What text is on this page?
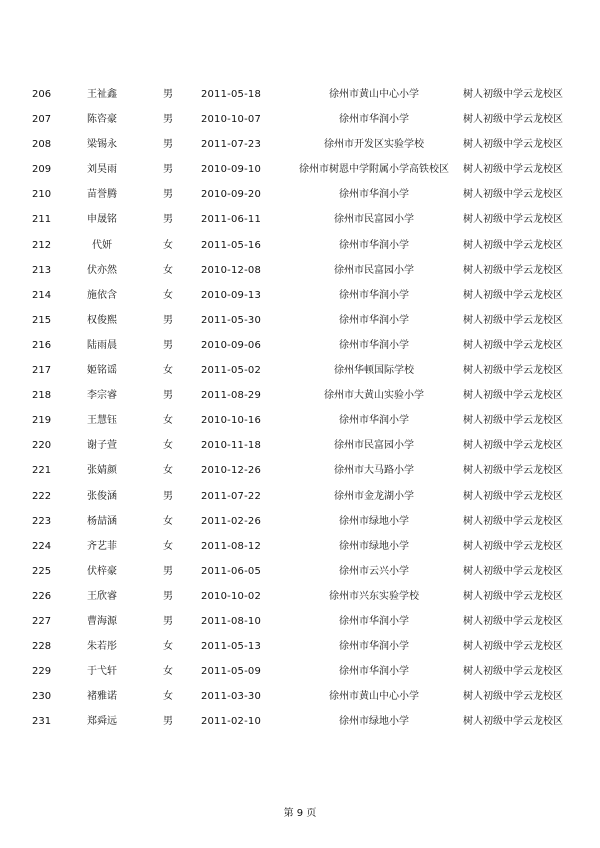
206	王祉鑫	男	2011-05-18	徐州市黄山中心小学	树人初级中学云龙校区
207	陈咨豪	男	2010-10-07	徐州市华润小学	树人初级中学云龙校区
208	梁锡永	男	2011-07-23	徐州市开发区实验学校	树人初级中学云龙校区
209	刘昊雨	男	2010-09-10	徐州市树恩中学附属小学高铁校区	树人初级中学云龙校区
210	苗誉腾	男	2010-09-20	徐州市华润小学	树人初级中学云龙校区
211	申晟铭	男	2011-06-11	徐州市民富园小学	树人初级中学云龙校区
212	代妍	女	2011-05-16	徐州市华润小学	树人初级中学云龙校区
213	伏亦然	女	2010-12-08	徐州市民富园小学	树人初级中学云龙校区
214	施依含	女	2010-09-13	徐州市华润小学	树人初级中学云龙校区
215	权俊熙	男	2011-05-30	徐州市华润小学	树人初级中学云龙校区
216	陆雨晨	男	2010-09-06	徐州市华润小学	树人初级中学云龙校区
217	姬铭谣	女	2011-05-02	徐州华顿国际学校	树人初级中学云龙校区
218	李宗睿	男	2011-08-29	徐州市大黄山实验小学	树人初级中学云龙校区
219	王慧钰	女	2010-10-16	徐州市华润小学	树人初级中学云龙校区
220	谢子萱	女	2010-11-18	徐州市民富园小学	树人初级中学云龙校区
221	张婧颜	女	2010-12-26	徐州市大马路小学	树人初级中学云龙校区
222	张俊涵	男	2011-07-22	徐州市金龙湖小学	树人初级中学云龙校区
223	杨喆涵	女	2011-02-26	徐州市绿地小学	树人初级中学云龙校区
224	齐艺菲	女	2011-08-12	徐州市绿地小学	树人初级中学云龙校区
225	伏梓豪	男	2011-06-05	徐州市云兴小学	树人初级中学云龙校区
226	王欣睿	男	2010-10-02	徐州市兴东实验学校	树人初级中学云龙校区
227	曹海源	男	2011-08-10	徐州市华润小学	树人初级中学云龙校区
228	朱若彤	女	2011-05-13	徐州市华润小学	树人初级中学云龙校区
229	于弋轩	女	2011-05-09	徐州市华润小学	树人初级中学云龙校区
230	褚雅诺	女	2011-03-30	徐州市黄山中心小学	树人初级中学云龙校区
231	郑舜远	男	2011-02-10	徐州市绿地小学	树人初级中学云龙校区
第 9 页
